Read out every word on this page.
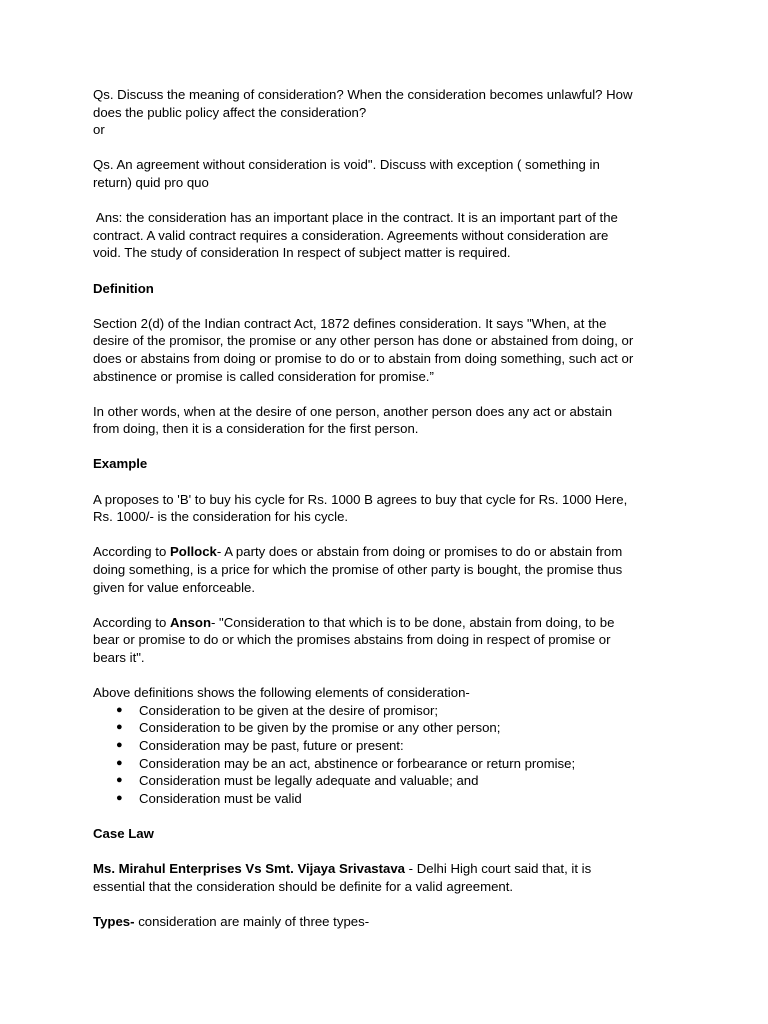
Qs. Discuss the meaning of consideration? When the consideration becomes unlawful? How

does the public policy affect the consideration?

or

Qs. An agreement without consideration is void". Discuss with exception ( something in

return) quid pro quo

Ans: the consideration has an important place in the contract. It is an important part of the

contract. A valid contract requires a consideration. Agreements without consideration are

void. The study of consideration In respect of subject matter is required.

Definition

Section 2(d) of the Indian contract Act, 1872 defines consideration. It says "When, at the

desire of the promisor, the promise or any other person has done or abstained from doing, or

does or abstains from doing or promise to do or to abstain from doing something, such act or

abstinence or promise is called consideration for promise.”

In other words, when at the desire of one person, another person does any act or abstain

from doing, then it is a consideration for the first person.

Example

A proposes to 'B' to buy his cycle for Rs. 1000 B agrees to buy that cycle for Rs. 1000 Here,

Rs. 1000/- is the consideration for his cycle.

According to Pollock- A party does or abstain from doing or promises to do or abstain from

doing something, is a price for which the promise of other party is bought, the promise thus

given for value enforceable.

According to Anson- "Consideration to that which is to be done, abstain from doing, to be

bear or promise to do or which the promises abstains from doing in respect of promise or

bears it".

Above definitions shows the following elements of consideration-

● Consideration to be given at the desire of promisor;
● Consideration to be given by the promise or any other person;
● Consideration may be past, future or present:
● Consideration may be an act, abstinence or forbearance or return promise;
● Consideration must be legally adequate and valuable; and
● Consideration must be valid

Case Law

Ms. Mirahul Enterprises Vs Smt. Vijaya Srivastava - Delhi High court said that, it is

essential that the consideration should be definite for a valid agreement.

Types- consideration are mainly of three types-
